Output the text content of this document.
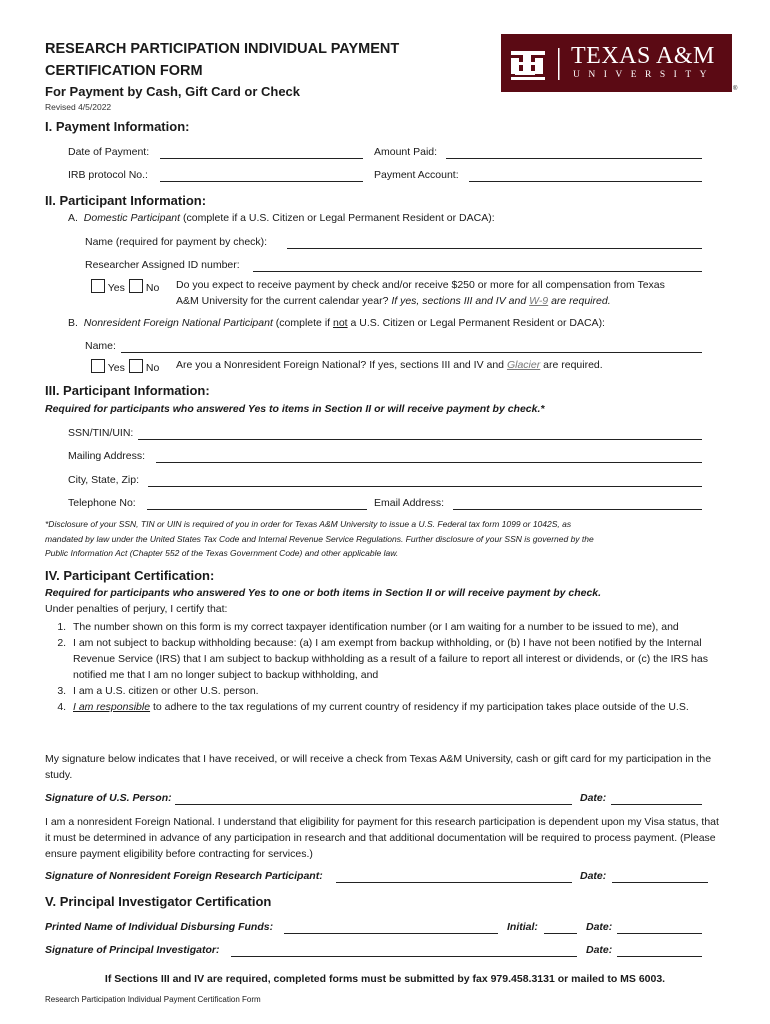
RESEARCH PARTICIPATION INDIVIDUAL PAYMENT
CERTIFICATION FORM
For Payment by Cash, Gift Card or Check
Revised 4/5/2022
TEXAS A&M
UNIVERSITY
®
I. Payment Information:
Date of Payment:	Amount Paid:
IRB protocol No.:	Payment Account:
II. Participant Information:
A. Domestic Participant (complete if a U.S. Citizen or Legal Permanent Resident or DACA):
Name (required for payment by check):
Researcher Assigned ID number:
Yes	No Do you expect to receive payment by check and/or receive $250 or more for all compensation from Texas
A&M University for the current calendar year? If yes, sections III and IV and W-9 are required.
B. Nonresident Foreign National Participant (complete if not a U.S. Citizen or Legal Permanent Resident or DACA):
Name:
Yes	No Are you a Nonresident Foreign National? If yes, sections III and IV and Glacier are required.
III. Participant Information:
Required for participants who answered Yes to items in Section II or will receive payment by check.*
SSN/TIN/UIN:
Mailing Address:
City, State, Zip:
Telephone No:	Email Address:
*Disclosure of your SSN, TIN or UIN is required of you in order for Texas A&M University to issue a U.S. Federal tax form 1099 or 1042S, as
mandated by law under the United States Tax Code and Internal Revenue Service Regulations. Further disclosure of your SSN is governed by the
Public Information Act (Chapter 552 of the Texas Government Code) and other applicable law.
IV. Participant Certification:
Required for participants who answered Yes to one or both items in Section II or will receive payment by check.
Under penalties of perjury, I certify that:
1. The number shown on this form is my correct taxpayer identification number (or I am waiting for a number to be issued to me), and
2. I am not subject to backup withholding because: (a) I am exempt from backup withholding, or (b) I have not been notified by the Internal Revenue Service (IRS) that I am subject to backup withholding as a result of a failure to report all interest or dividends, or (c) the IRS has notified me that I am no longer subject to backup withholding, and
3. I am a U.S. citizen or other U.S. person.
4. I am responsible to adhere to the tax regulations of my current country of residency if my participation takes place outside of the U.S.
My signature below indicates that I have received, or will receive a check from Texas A&M University, cash or gift card for my participation in the study.
Signature of U.S. Person:	Date:
I am a nonresident Foreign National. I understand that eligibility for payment for this research participation is dependent upon my Visa status, that it must be determined in advance of any participation in research and that additional documentation will be required to process payment. (Please ensure payment eligibility before contracting for services.)
Signature of Nonresident Foreign Research Participant:	Date:
V. Principal Investigator Certification
Printed Name of Individual Disbursing Funds:	Initial:	Date:
Signature of Principal Investigator:	Date:
If Sections III and IV are required, completed forms must be submitted by fax 979.458.3131 or mailed to MS 6003.
Research Participation Individual Payment Certification Form
